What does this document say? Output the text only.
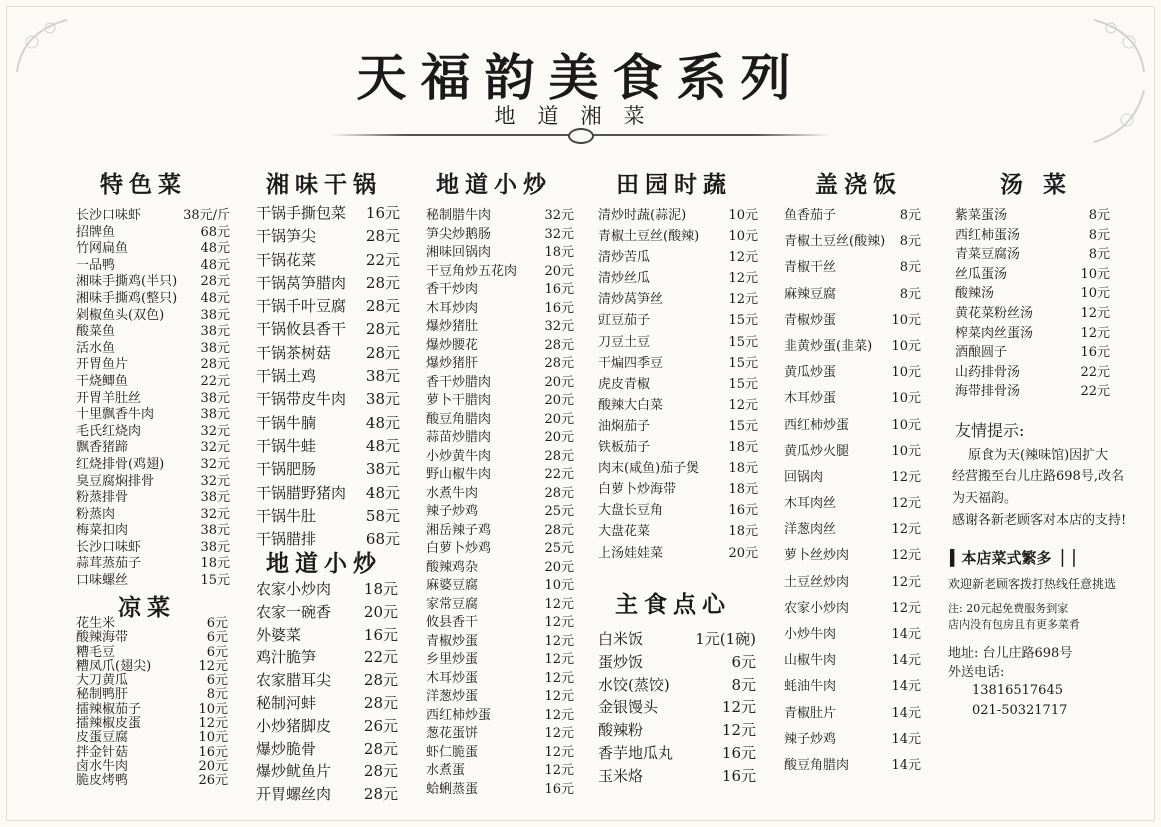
天福韵美食系列
地道湘菜
特色菜
长沙口味虾	38元/斤
招牌鱼	68元
竹网扁鱼	48元
一品鸭	48元
湘味手撕鸡(半只) 28元
湘味手撕鸡(整只) 48元
剁椒鱼头(双色)	38元
酸菜鱼	38元
活水鱼	38元
开胃鱼片	28元
干烧鲫鱼	22元
开胃羊肚丝	38元
十里飘香牛肉	38元
毛氏红烧肉	32元
飘香猪蹄	32元
红烧排骨(鸡翅)	32元
臭豆腐焖排骨	32元
粉蒸排骨	38元
粉蒸肉	32元
梅菜扣肉	38元
长沙口味虾	38元
蒜茸蒸茄子	18元
口味螺丝	15元
凉菜
花生米	6元
酸辣海带	6元
糟毛豆	6元
糟凤爪(翅尖)	12元
大刀黄瓜	6元
秘制鸭肝	8元
擂辣椒茄子	10元
擂辣椒皮蛋	12元
皮蛋豆腐	10元
拌金针菇	16元
卤水牛肉	20元
脆皮烤鸭	26元
湘味干锅
干锅手撕包菜 16元
干锅笋尖	28元
干锅花菜	22元
干锅莴笋腊肉 28元
干锅千叶豆腐 28元
干锅攸县香干 28元
干锅茶树菇 28元
干锅土鸡	38元
干锅带皮牛肉 38元
干锅牛腩	48元
干锅牛蛙	48元
干锅肥肠	38元
干锅腊野猪肉 48元
干锅牛肚	58元
干锅腊排	68元
地道小炒
农家小炒肉 18元
农家一碗香 20元
外婆菜	16元
鸡汁脆笋	22元
农家腊耳尖 28元
秘制河蚌	28元
小炒猪脚皮 26元
爆炒脆骨	28元
爆炒鱿鱼片 28元
开胃螺丝肉 28元
地道小炒
秘制腊牛肉	32元
笋尖炒鹅肠	32元
湘味回锅肉	18元
干豆角炒五花肉 20元
香干炒肉	16元
木耳炒肉	16元
爆炒猪肚	32元
爆炒腰花	28元
爆炒猪肝	28元
香干炒腊肉	20元
萝卜干腊肉	20元
酸豆角腊肉	20元
蒜苗炒腊肉	20元
小炒黄牛肉	28元
野山椒牛肉	22元
水煮牛肉	28元
辣子炒鸡	25元
湘岳辣子鸡	28元
白萝卜炒鸡	25元
酸辣鸡杂	20元
麻婆豆腐	10元
家常豆腐	12元
攸县香干	12元
青椒炒蛋	12元
乡里炒蛋	12元
木耳炒蛋	12元
洋葱炒蛋	12元
西红柿炒蛋	12元
葱花蛋饼	12元
虾仁脆蛋	12元
水煮蛋	12元
蛤蜊蒸蛋	16元
田园时蔬
清炒时蔬(蒜泥)	10元
青椒土豆丝(酸辣) 10元
清炒苦瓜	12元
清炒丝瓜	12元
清炒莴笋丝	12元
豇豆茄子	15元
刀豆土豆	15元
干煸四季豆	15元
虎皮青椒	15元
酸辣大白菜	12元
油焖茄子	15元
铁板茄子	18元
肉末(咸鱼)茄子煲 18元
白萝卜炒海带	18元
大盘长豆角	16元
大盘花菜	18元
上汤娃娃菜	20元
主食点心
白米饭	1元(1碗)
蛋炒饭	6元
水饺(蒸饺)	8元
金银馒头	12元
酸辣粉	12元
香芋地瓜丸	16元
玉米烙	16元
盖浇饭
鱼香茄子	8元
青椒土豆丝(酸辣) 8元
青椒干丝	8元
麻辣豆腐	8元
青椒炒蛋	10元
韭黄炒蛋(韭菜) 10元
黄瓜炒蛋	10元
木耳炒蛋	10元
西红柿炒蛋	10元
黄瓜炒火腿	10元
回锅肉	12元
木耳肉丝	12元
洋葱肉丝	12元
萝卜丝炒肉	12元
土豆丝炒肉	12元
农家小炒肉	12元
小炒牛肉	14元
山椒牛肉	14元
蚝油牛肉	14元
青椒肚片	14元
辣子炒鸡	14元
酸豆角腊肉	14元
汤 菜
紫菜蛋汤	8元
西红柿蛋汤	8元
青菜豆腐汤	8元
丝瓜蛋汤	10元
酸辣汤	10元
黄花菜粉丝汤	12元
榨菜肉丝蛋汤	12元
酒酿圆子	16元
山药排骨汤	22元
海带排骨汤	22元
友情提示:
原食为天(辣味馆)因扩大
经营搬至台儿庄路698号,改名
为天福韵。
感谢各新老顾客对本店的支持!
▍本店菜式繁多▕▕
欢迎新老顾客拨打热线任意挑选
注: 20元起免费服务到家
店内没有包房且有更多菜肴
地址: 台儿庄路698号
外送电话:
13816517645
021-50321717
